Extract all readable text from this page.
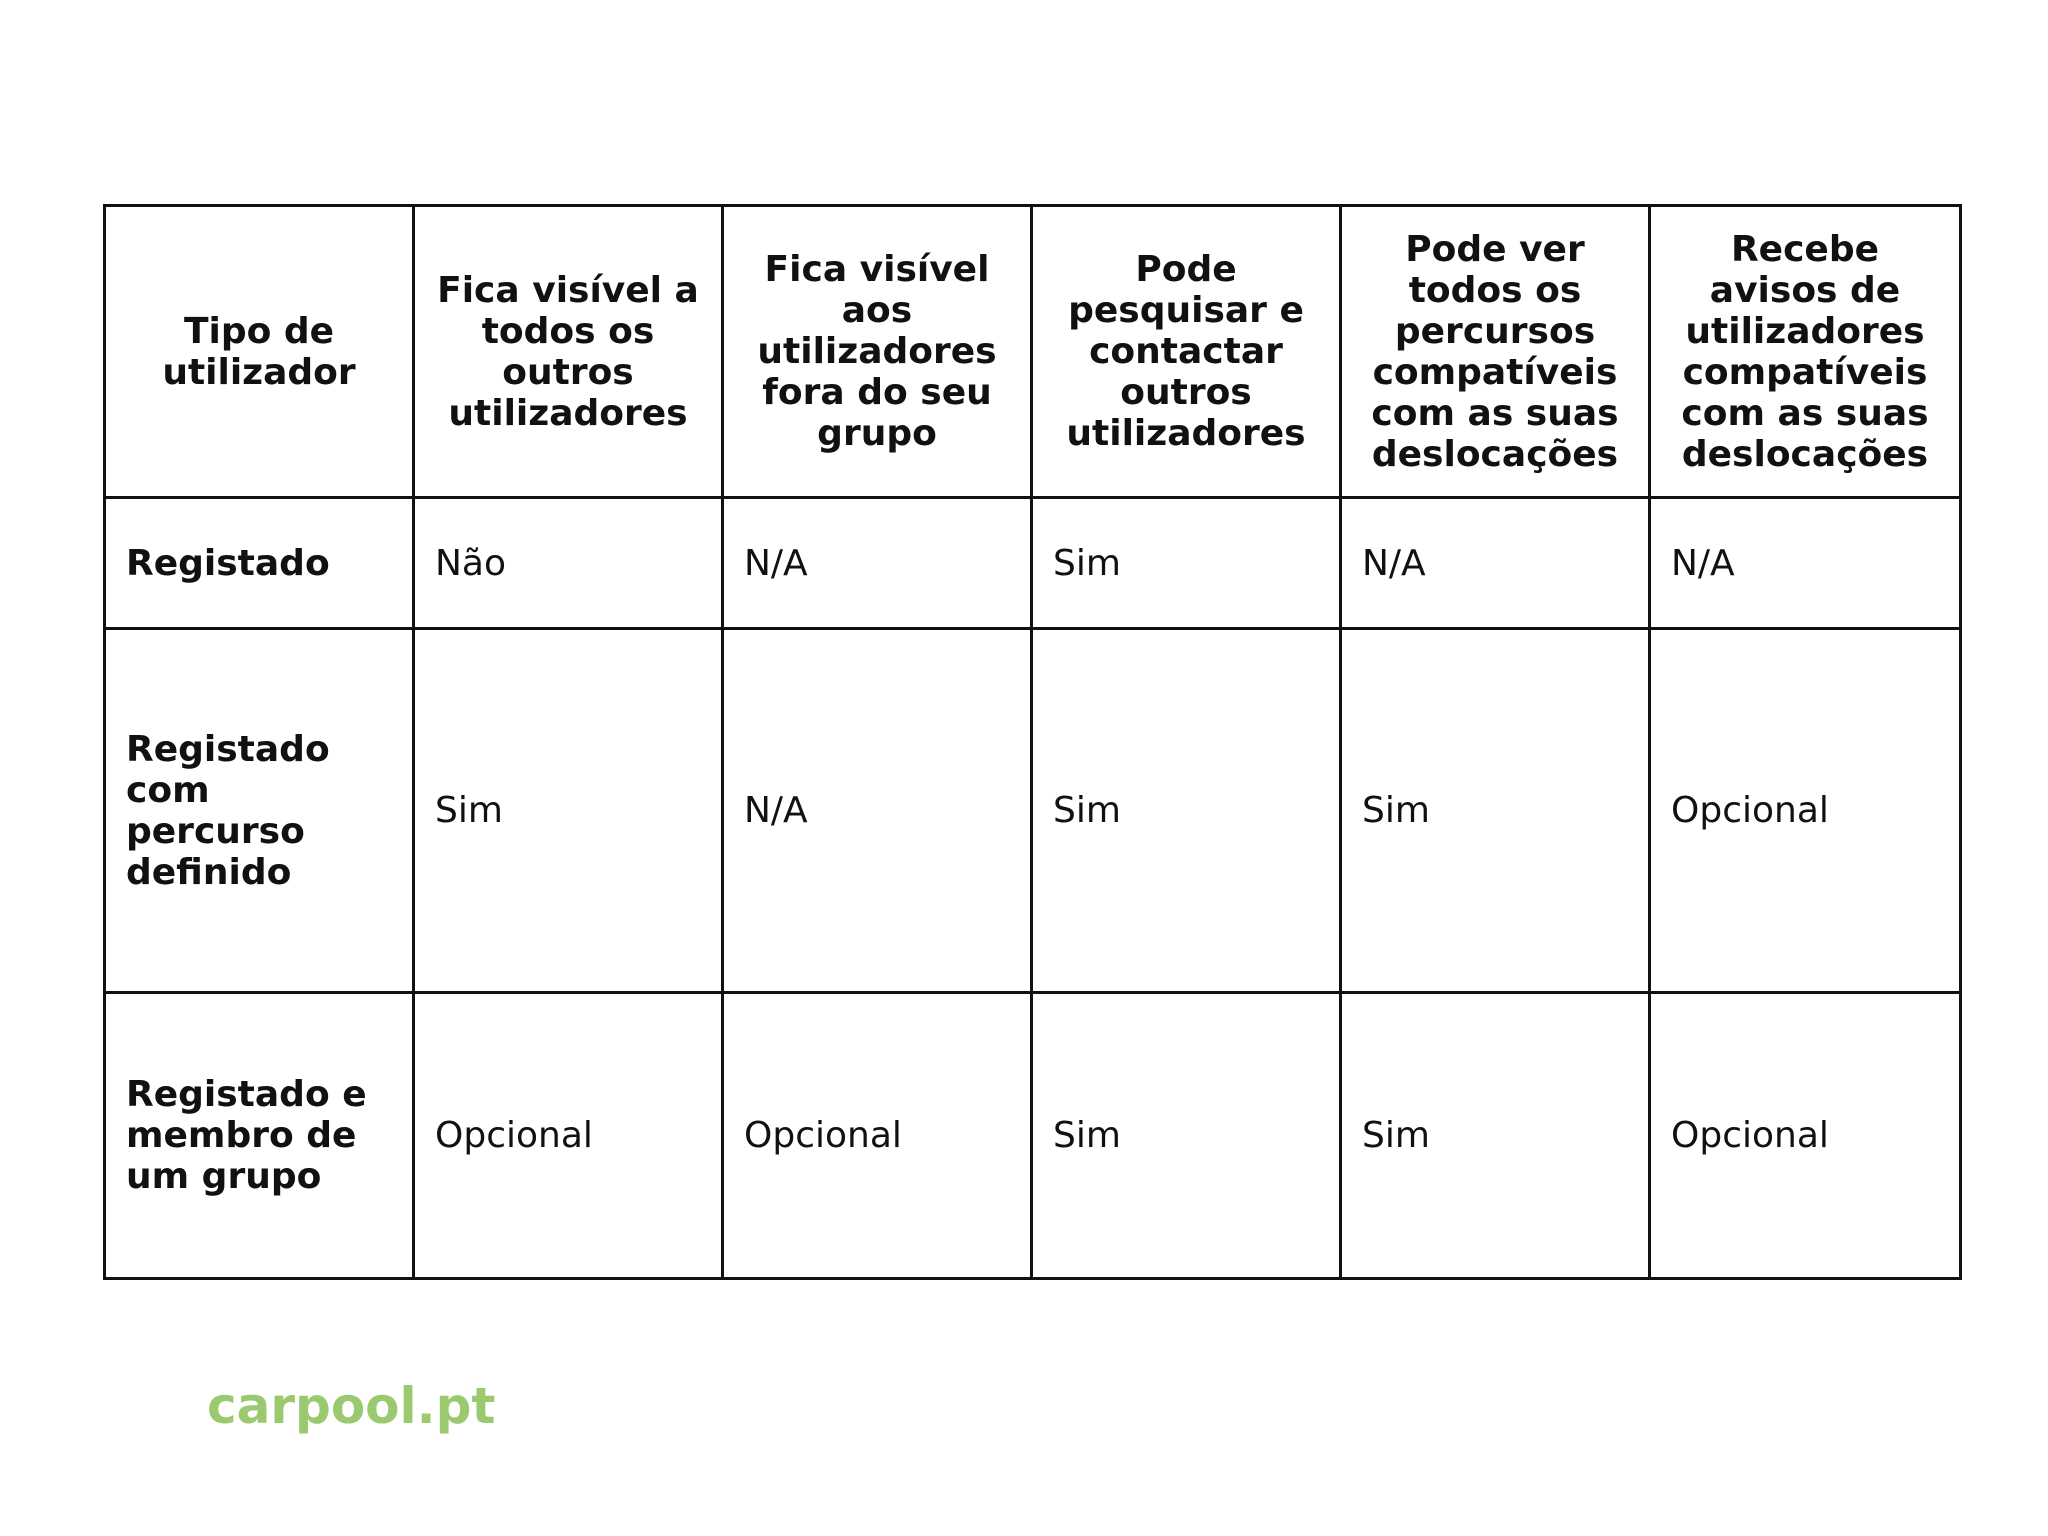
Tipo de utilizador	Fica visível a todos os outros utilizadores	Fica visível aos utilizadores fora do seu grupo	Pode pesquisar e contactar outros utilizadores	Pode ver todos os percursos compatíveis com as suas deslocações	Recebe avisos de utilizadores compatíveis com as suas deslocações
Registado	Não	N/A	Sim	N/A	N/A
Registado com percurso definido	Sim	N/A	Sim	Sim	Opcional
Registado e membro de um grupo	Opcional	Opcional	Sim	Sim	Opcional
carpool.pt
